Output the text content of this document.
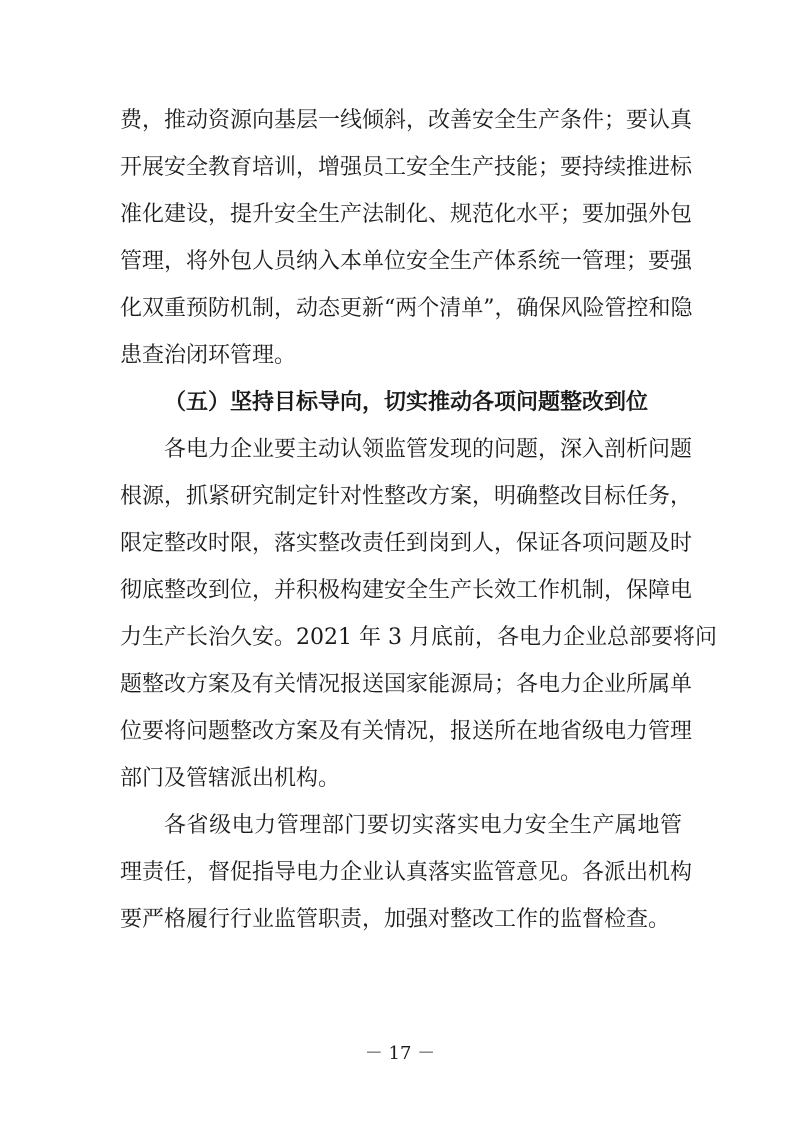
费，推动资源向基层一线倾斜，改善安全生产条件；要认真
开展安全教育培训，增强员工安全生产技能；要持续推进标
准化建设，提升安全生产法制化、规范化水平；要加强外包
管理，将外包人员纳入本单位安全生产体系统一管理；要强
化双重预防机制，动态更新“两个清单”，确保风险管控和隐
患查治闭环管理。
（五）坚持目标导向，切实推动各项问题整改到位
各电力企业要主动认领监管发现的问题，深入剖析问题
根源，抓紧研究制定针对性整改方案，明确整改目标任务，
限定整改时限，落实整改责任到岗到人，保证各项问题及时
彻底整改到位，并积极构建安全生产长效工作机制，保障电
力生产长治久安。2021 年 3 月底前，各电力企业总部要将问
题整改方案及有关情况报送国家能源局；各电力企业所属单
位要将问题整改方案及有关情况，报送所在地省级电力管理
部门及管辖派出机构。
各省级电力管理部门要切实落实电力安全生产属地管
理责任，督促指导电力企业认真落实监管意见。各派出机构
要严格履行行业监管职责，加强对整改工作的监督检查。
－ 17 －
